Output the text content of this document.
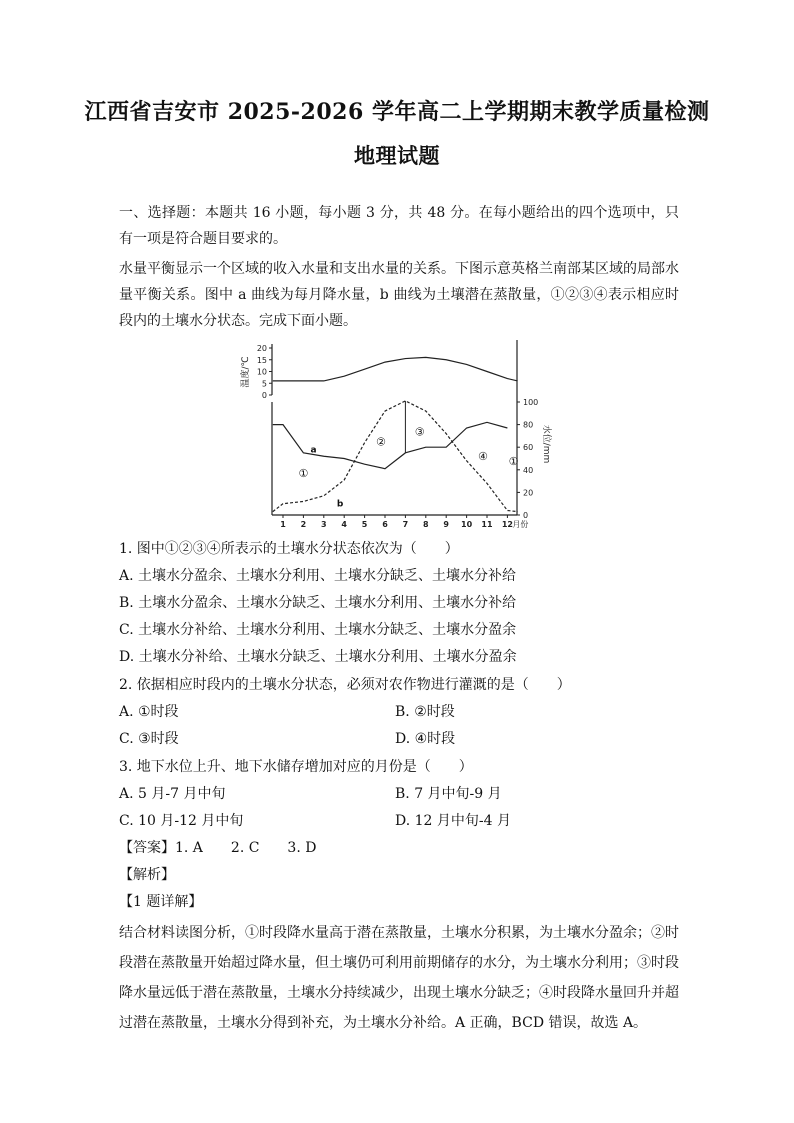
江西省吉安市 2025-2026 学年高二上学期期末教学质量检测
地理试题
一、选择题：本题共 16 小题，每小题 3 分，共 48 分。在每小题给出的四个选项中，只有一项是符合题目要求的。
水量平衡显示一个区域的收入水量和支出水量的关系。下图示意英格兰南部某区域的局部水量平衡关系。图中 a 曲线为每月降水量，b 曲线为土壤潜在蒸散量，①②③④表示相应时段内的土壤水分状态。完成下面小题。
20
15
10
5
0
温度/℃
100
80
60
40
20
0
水位/mm
1 2 3 4 5 6 7 8 9 10 11 12 月份
①
②
③
④ ①
a
b
1. 图中①②③④所表示的土壤水分状态依次为（　　）
A. 土壤水分盈余、土壤水分利用、土壤水分缺乏、土壤水分补给
B. 土壤水分盈余、土壤水分缺乏、土壤水分利用、土壤水分补给
C. 土壤水分补给、土壤水分利用、土壤水分缺乏、土壤水分盈余
D. 土壤水分补给、土壤水分缺乏、土壤水分利用、土壤水分盈余
2. 依据相应时段内的土壤水分状态，必须对农作物进行灌溉的是（　　）
A. ①时段	B. ②时段
C. ③时段	D. ④时段
3. 地下水位上升、地下水储存增加对应的月份是（　　）
A. 5 月-7 月中旬	B. 7 月中旬-9 月
C. 10 月-12 月中旬	D. 12 月中旬-4 月
【答案】1. A　　2. C　　3. D
【解析】
【1 题详解】
结合材料读图分析，①时段降水量高于潜在蒸散量，土壤水分积累，为土壤水分盈余；②时段潜在蒸散量开始超过降水量，但土壤仍可利用前期储存的水分，为土壤水分利用；③时段降水量远低于潜在蒸散量，土壤水分持续减少，出现土壤水分缺乏；④时段降水量回升并超过潜在蒸散量，土壤水分得到补充，为土壤水分补给。A 正确，BCD 错误，故选 A。
